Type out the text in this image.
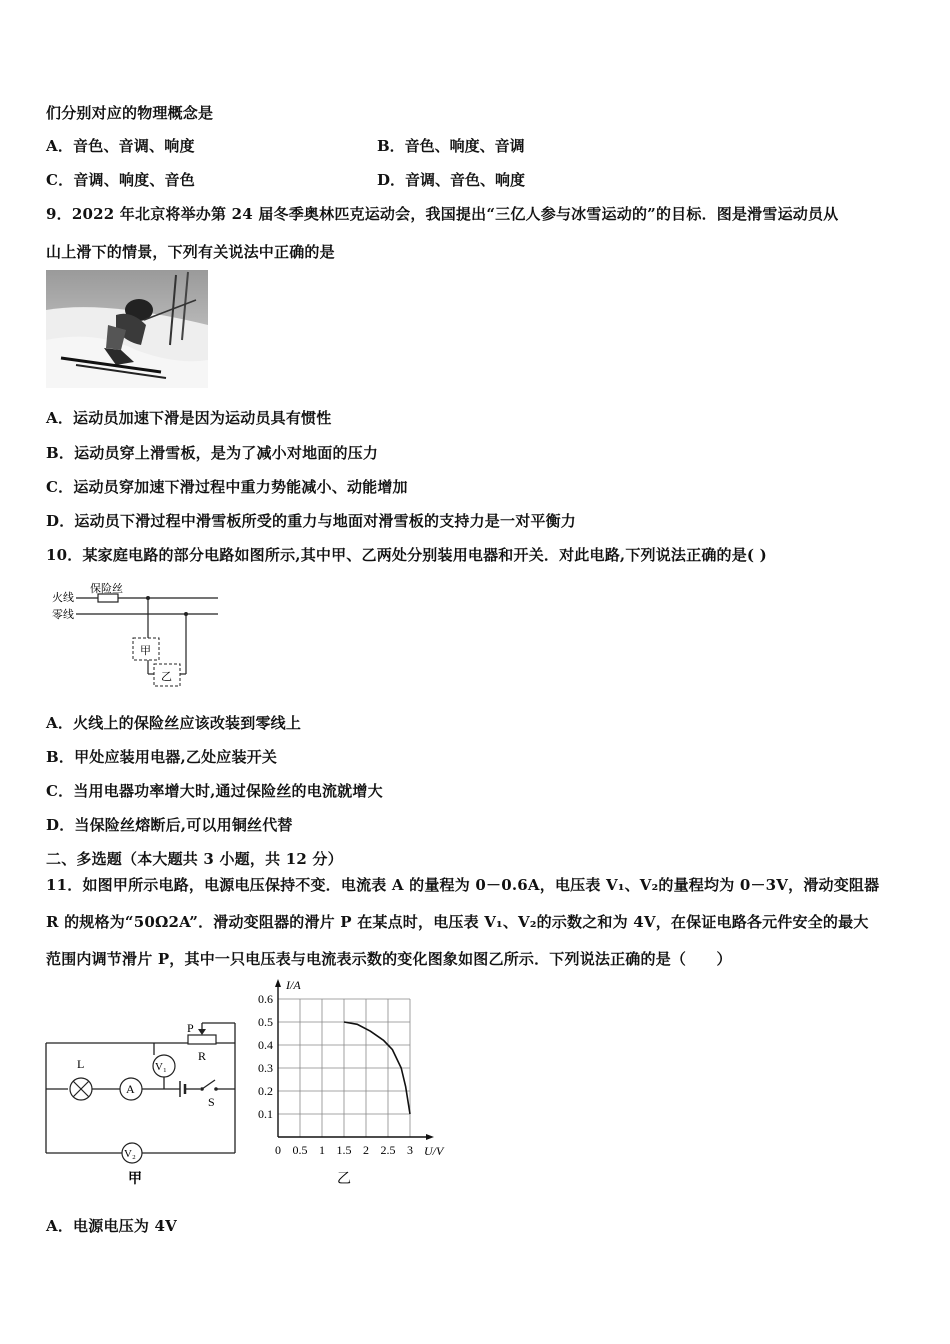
们分别对应的物理概念是
A．音色、音调、响度	B．音色、响度、音调
C．音调、响度、音色	D．音调、音色、响度
9．2022 年北京将举办第 24 届冬季奥林匹克运动会，我国提出“三亿人参与冰雪运动的”的目标．图是滑雪运动员从
山上滑下的情景，下列有关说法中正确的是
A．运动员加速下滑是因为运动员具有惯性
B．运动员穿上滑雪板，是为了减小对地面的压力
C．运动员穿加速下滑过程中重力势能减小、动能增加
D．运动员下滑过程中滑雪板所受的重力与地面对滑雪板的支持力是一对平衡力
10．某家庭电路的部分电路如图所示,其中甲、乙两处分别装用电器和开关．对此电路,下列说法正确的是( )
火线
零线
保险丝
甲
乙
A．火线上的保险丝应该改装到零线上
B．甲处应装用电器,乙处应装开关
C．当用电器功率增大时,通过保险丝的电流就增大
D．当保险丝熔断后,可以用铜丝代替
二、多选题（本大题共 3 小题，共 12 分）
11．如图甲所示电路，电源电压保持不变．电流表 A 的量程为 0－0.6A，电压表 V₁、V₂的量程均为 0－3V，滑动变阻器
R 的规格为“50Ω2A”．滑动变阻器的滑片 P 在某点时，电压表 V₁、V₂的示数之和为 4V，在保证电路各元件安全的最大
范围内调节滑片 P，其中一只电压表与电流表示数的变化图象如图乙所示．下列说法正确的是（　　）
P
R
L
A
S
V₁
V₂
甲
0 0.5 1 1.5 2 2.5 3
0.1
0.2
0.3
0.4
0.5
0.6
U/V
I/A
乙
A．电源电压为 4V
